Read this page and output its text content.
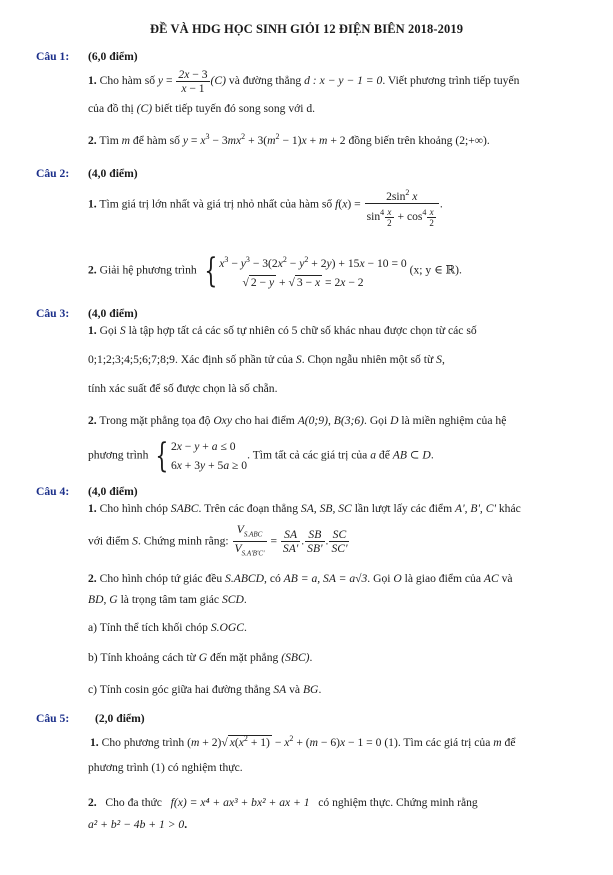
ĐỀ VÀ HDG HỌC SINH GIỎI 12 ĐIỆN BIÊN 2018-2019
Câu 1: (6,0 điểm)
1. Cho hàm số $y = \frac{2x - 3}{x - 1} (C)$ và đường thẳng d : x − y − 1 = 0. Viết phương trình tiếp tuyến
của đồ thị (C) biết tiếp tuyến đó song song với d.
2. Tìm m để hàm số $y = x^3 - 3mx^2 + 3(m^2 - 1)x + m + 2$ đồng biến trên khoảng (2;+∞).
Câu 2: (4,0 điểm)
1. Tìm giá trị lớn nhất và giá trị nhỏ nhất của hàm số $f(x) = \frac{2\sin^2 x}{\sin^4 \frac{x}{2} + \cos^4 \frac{x}{2}}$ .
2. Giải hệ phương trình { $x^3 - y^3 - 3(2x^2 - y^2 + 2y) + 15x - 10 = 0$
√ 2 − y + √ 3 − x = 2x − 2 (x; y ∈ ℝ).
Câu 3: (4,0 điểm)
1. Gọi S là tập hợp tất cả các số tự nhiên có 5 chữ số khác nhau được chọn từ các số
0;1;2;3;4;5;6;7;8;9. Xác định số phần tử của S. Chọn ngẫu nhiên một số từ S,
tính xác suất để số được chọn là số chẵn.
2. Trong mặt phẳng tọa độ Oxy cho hai điểm A(0;9), B(3;6). Gọi D là miền nghiệm của hệ
phương trình {2x − y + a ≤ 0
6x + 3y + 5a ≥ 0. Tìm tất cả các giá trị của a để AB ⊂ D.
Câu 4: (4,0 điểm)
1. Cho hình chóp SABC. Trên các đoạn thẳng SA, SB, SC lần lượt lấy các điểm A', B', C' khác
với điểm S. Chứng minh rằng: $\frac{V_{S.ABC}}{V_{S.A'B'C'}} = \frac{SA}{SA'}$ . $\frac{SB}{SB'}$ . $\frac{SC}{SC'}$
2. Cho hình chóp tứ giác đều S.ABCD, có AB = a, SA = a√3. Gọi O là giao điểm của AC và
BD, G là trọng tâm tam giác SCD.
a) Tính thể tích khối chóp S.OGC.
b) Tính khoảng cách từ G đến mặt phẳng (SBC).
c) Tính cosin góc giữa hai đường thẳng SA và BG.
Câu 5: (2,0 điểm)
1. Cho phương trình (m + 2)√ $x(x^2 + 1) - x^2 + (m - 6)x - 1 = 0$ (1). Tìm các giá trị của m để
phương trình (1) có nghiệm thực.
2. Cho đa thức f(x) = x⁴ + ax³ + bx² + ax + 1 có nghiệm thực. Chứng minh rằng
a² + b² − 4b + 1 > 0.
